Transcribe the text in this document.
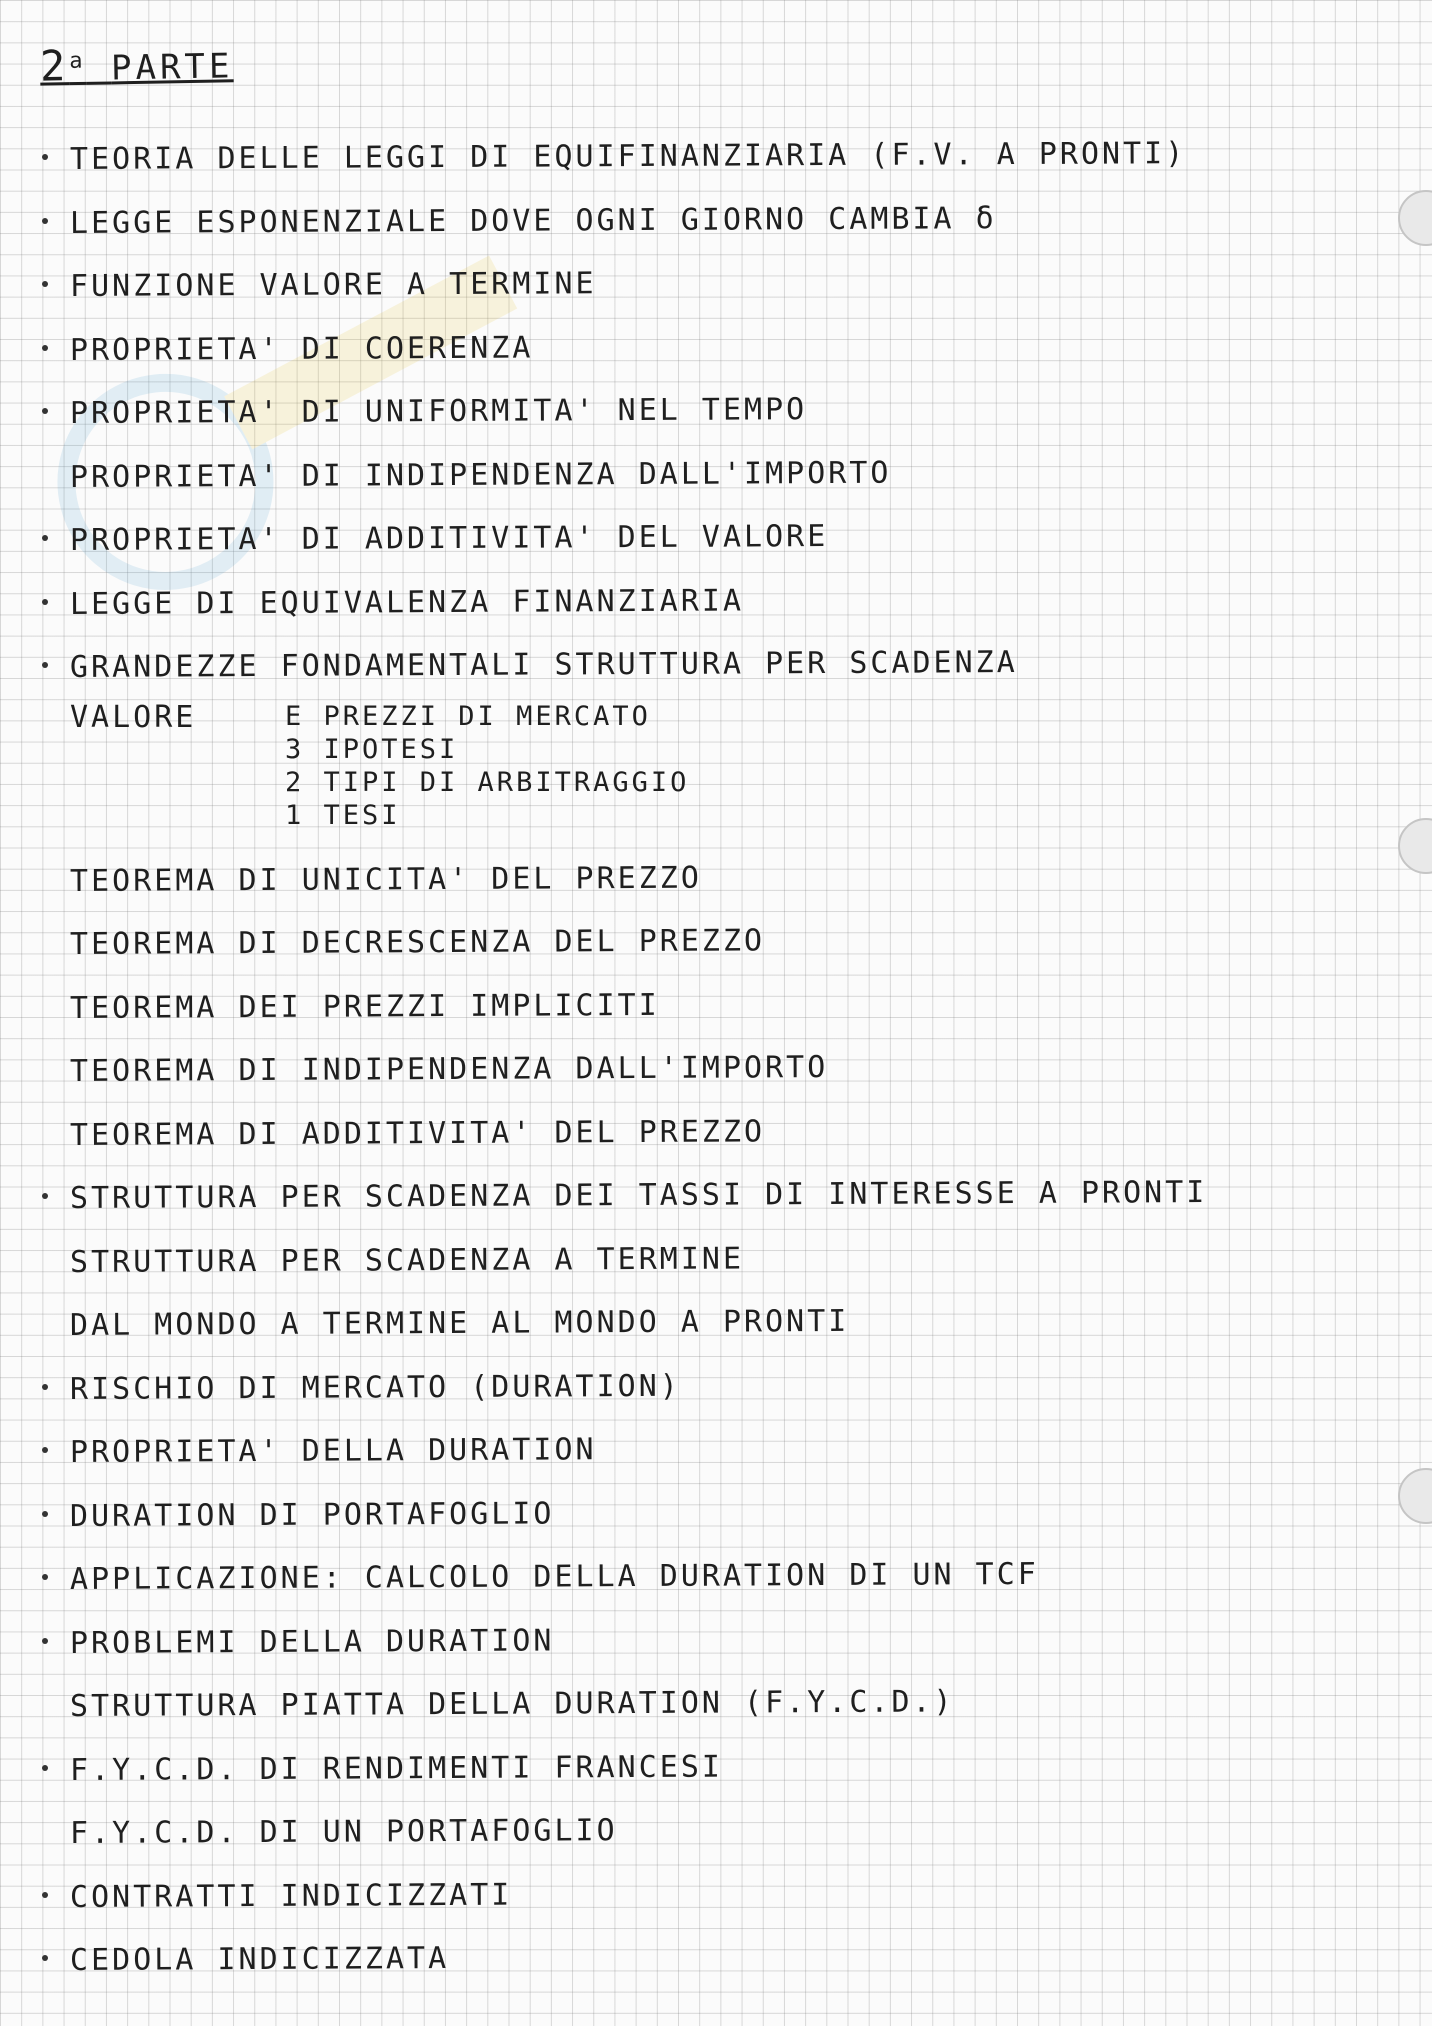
2$^a$ PARTE
TEORIA DELLE LEGGI DI EQUIFINANZIARIA (F.V. A PRONTI)
LEGGE ESPONENZIALE DOVE OGNI GIORNO CAMBIA δ
FUNZIONE VALORE A TERMINE
PROPRIETA' DI COERENZA
PROPRIETA' DI UNIFORMITA' NEL TEMPO
PROPRIETA' DI INDIPENDENZA DALL'IMPORTO
PROPRIETA' DI ADDITIVITA' DEL VALORE
LEGGE DI EQUIVALENZA FINANZIARIA
GRANDEZZE FONDAMENTALI STRUTTURA PER SCADENZA
VALORE	E PREZZI DI MERCATO
3 IPOTESI
2 TIPI DI ARBITRAGGIO
1 TESI
TEOREMA DI UNICITA' DEL PREZZO
TEOREMA DI DECRESCENZA DEL PREZZO
TEOREMA DEI PREZZI IMPLICITI
TEOREMA DI INDIPENDENZA DALL'IMPORTO
TEOREMA DI ADDITIVITA' DEL PREZZO
STRUTTURA PER SCADENZA DEI TASSI DI INTERESSE A PRONTI
STRUTTURA PER SCADENZA A TERMINE
DAL MONDO A TERMINE AL MONDO A PRONTI
RISCHIO DI MERCATO (DURATION)
PROPRIETA' DELLA DURATION
DURATION DI PORTAFOGLIO
APPLICAZIONE: CALCOLO DELLA DURATION DI UN TCF
PROBLEMI DELLA DURATION
STRUTTURA PIATTA DELLA DURATION (F.Y.C.D.)
F.Y.C.D. DI RENDIMENTI FRANCESI
F.Y.C.D. DI UN PORTAFOGLIO
CONTRATTI INDICIZZATI
CEDOLA INDICIZZATA
